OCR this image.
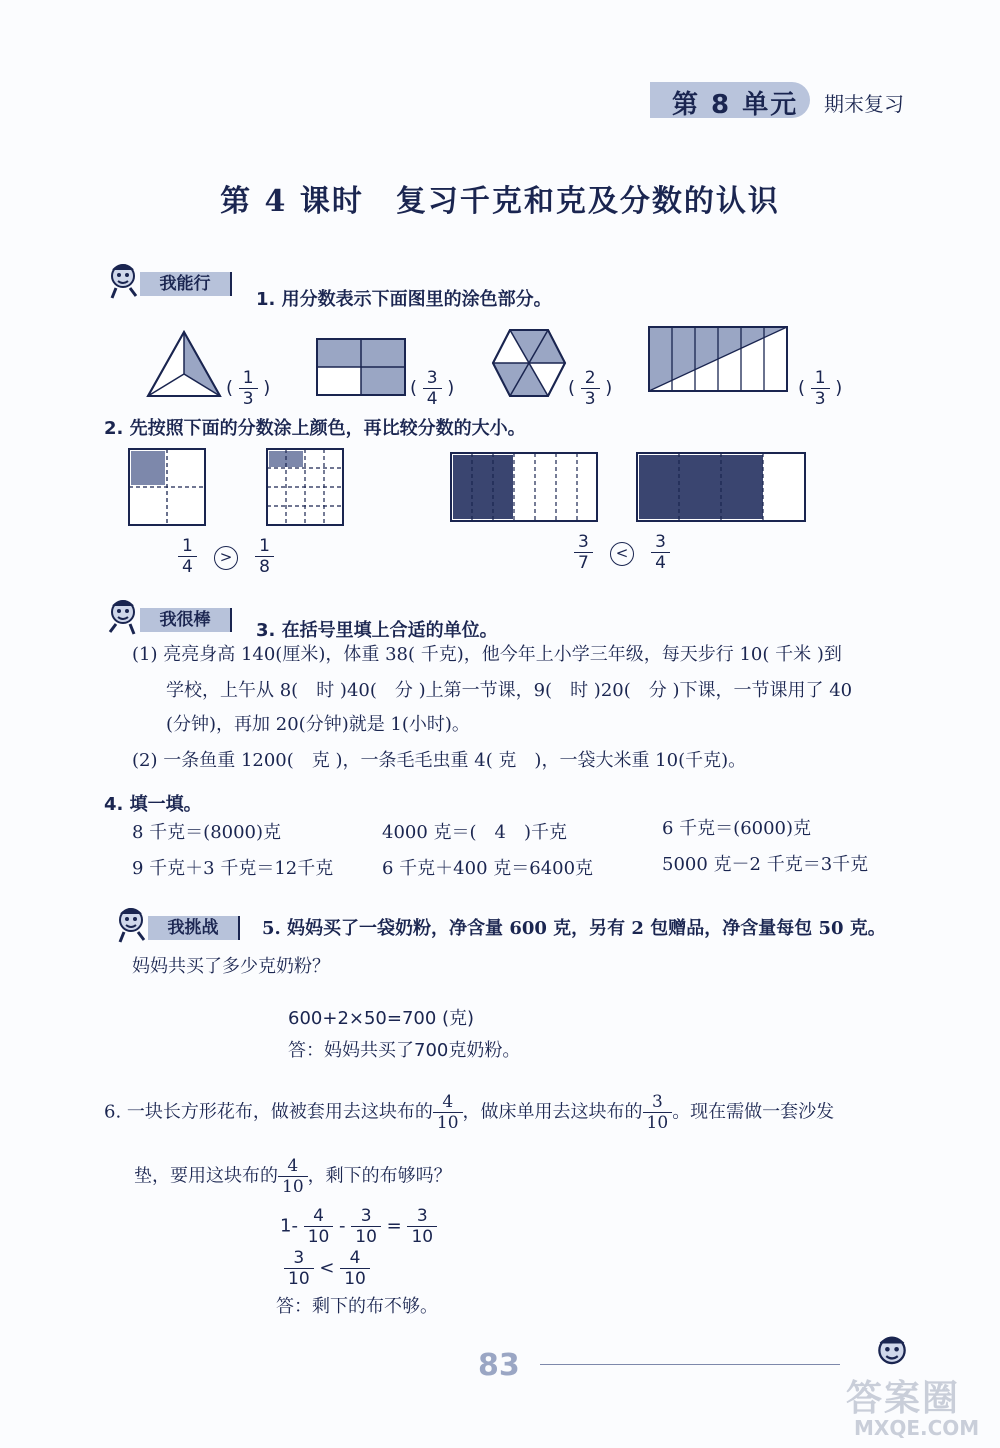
第 8 单元 期末复习
第 4 课时　复习千克和克及分数的认识
我能行
1. 用分数表示下面图里的涂色部分。
( $\frac{1}{3}$ )	( $\frac{3}{4}$ )	( $\frac{2}{3}$ )	( $\frac{1}{3}$ )
2. 先按照下面的分数涂上颜色，再比较分数的大小。
$\frac{1}{4} > \frac{1}{8}$	$\frac{3}{7} < \frac{3}{4}$
我很棒	3. 在括号里填上合适的单位。
(1) 亮亮身高 140(厘米)，体重 38( 千克)，他今年上小学三年级，每天步行 10( 千米 )到
学校，上午从 8(　时 )40(　分 )上第一节课，9(　时 )20(　分 )下课，一节课用了 40
(分钟)，再加 20(分钟)就是 1(小时)。
(2) 一条鱼重 1200(　克 )，一条毛毛虫重 4( 克　)，一袋大米重 10(千克)。
4. 填一填。
8 千克＝(8000)克	4000 克＝(　4　)千克	6 千克＝(6000)克
9 千克＋3 千克＝12千克	6 千克＋400 克＝6400克	5000 克－2 千克＝3千克
我挑战	5. 妈妈买了一袋奶粉，净含量 600 克，另有 2 包赠品，净含量每包 50 克。
妈妈共买了多少克奶粉？
600+2×50=700 (克)
答：妈妈共买了700克奶粉。
6. 一块长方形花布，做被套用去这块布的 $\frac{4}{10}$ ，做床单用去这块布的 $\frac{3}{10}$ 。现在需做一套沙发
垫，要用这块布的 $\frac{4}{10}$ ，剩下的布够吗？
$1- \frac{4}{10} - \frac{3}{10} = \frac{3}{10}$
$\frac{3}{10} < \frac{4}{10}$
答：剩下的布不够。
83
答案圈
MXQE.COM
